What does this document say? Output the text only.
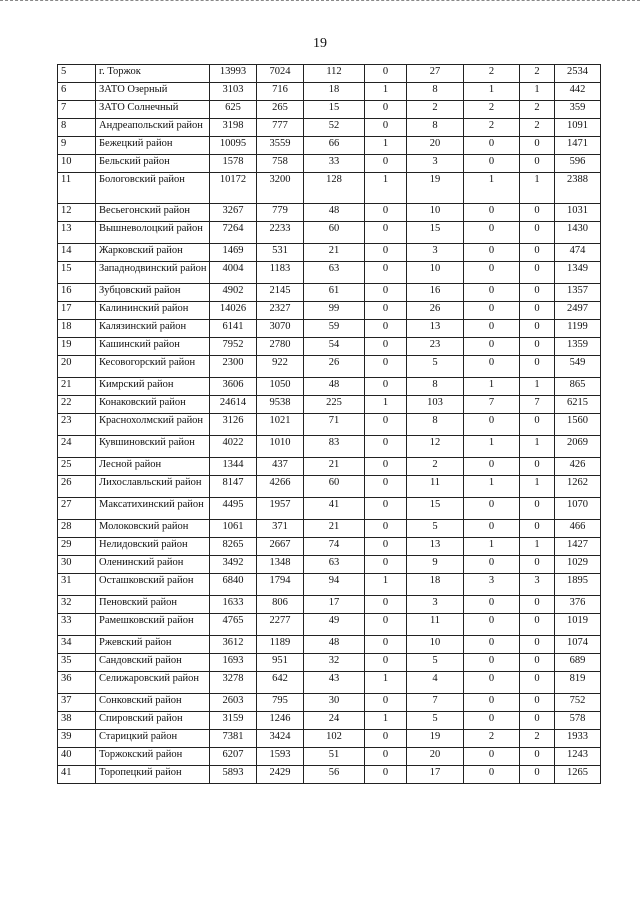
19
5	г. Торжок	13993	7024	112	0	27	2	2	2534
6	ЗАТО Озерный	3103	716	18	1	8	1	1	442
7	ЗАТО Солнечный	625	265	15	0	2	2	2	359
8	Андреапольский район	3198	777	52	0	8	2	2	1091
9	Бежецкий район	10095	3559	66	1	20	0	0	1471
10	Бельский район	1578	758	33	0	3	0	0	596
11	Бологовский район	10172	3200	128	1	19	1	1	2388
12	Весьегонский район	3267	779	48	0	10	0	0	1031
13	Вышневолоцкий район	7264	2233	60	0	15	0	0	1430
14	Жарковский район	1469	531	21	0	3	0	0	474
15	Западнодвинский район	4004	1183	63	0	10	0	0	1349
16	Зубцовский район	4902	2145	61	0	16	0	0	1357
17	Калининский район	14026	2327	99	0	26	0	0	2497
18	Калязинский район	6141	3070	59	0	13	0	0	1199
19	Кашинский район	7952	2780	54	0	23	0	0	1359
20	Кесовогорский район	2300	922	26	0	5	0	0	549
21	Кимрский район	3606	1050	48	0	8	1	1	865
22	Конаковский район	24614	9538	225	1	103	7	7	6215
23	Краснохолмский район	3126	1021	71	0	8	0	0	1560
24	Кувшиновский район	4022	1010	83	0	12	1	1	2069
25	Лесной район	1344	437	21	0	2	0	0	426
26	Лихославльский район	8147	4266	60	0	11	1	1	1262
27	Максатихинский район	4495	1957	41	0	15	0	0	1070
28	Молоковский район	1061	371	21	0	5	0	0	466
29	Нелидовский район	8265	2667	74	0	13	1	1	1427
30	Оленинский район	3492	1348	63	0	9	0	0	1029
31	Осташковский район	6840	1794	94	1	18	3	3	1895
32	Пеновский район	1633	806	17	0	3	0	0	376
33	Рамешковский район	4765	2277	49	0	11	0	0	1019
34	Ржевский район	3612	1189	48	0	10	0	0	1074
35	Сандовский район	1693	951	32	0	5	0	0	689
36	Селижаровский район	3278	642	43	1	4	0	0	819
37	Сонковский район	2603	795	30	0	7	0	0	752
38	Спировский район	3159	1246	24	1	5	0	0	578
39	Старицкий район	7381	3424	102	0	19	2	2	1933
40	Торжокский район	6207	1593	51	0	20	0	0	1243
41	Торопецкий район	5893	2429	56	0	17	0	0	1265
